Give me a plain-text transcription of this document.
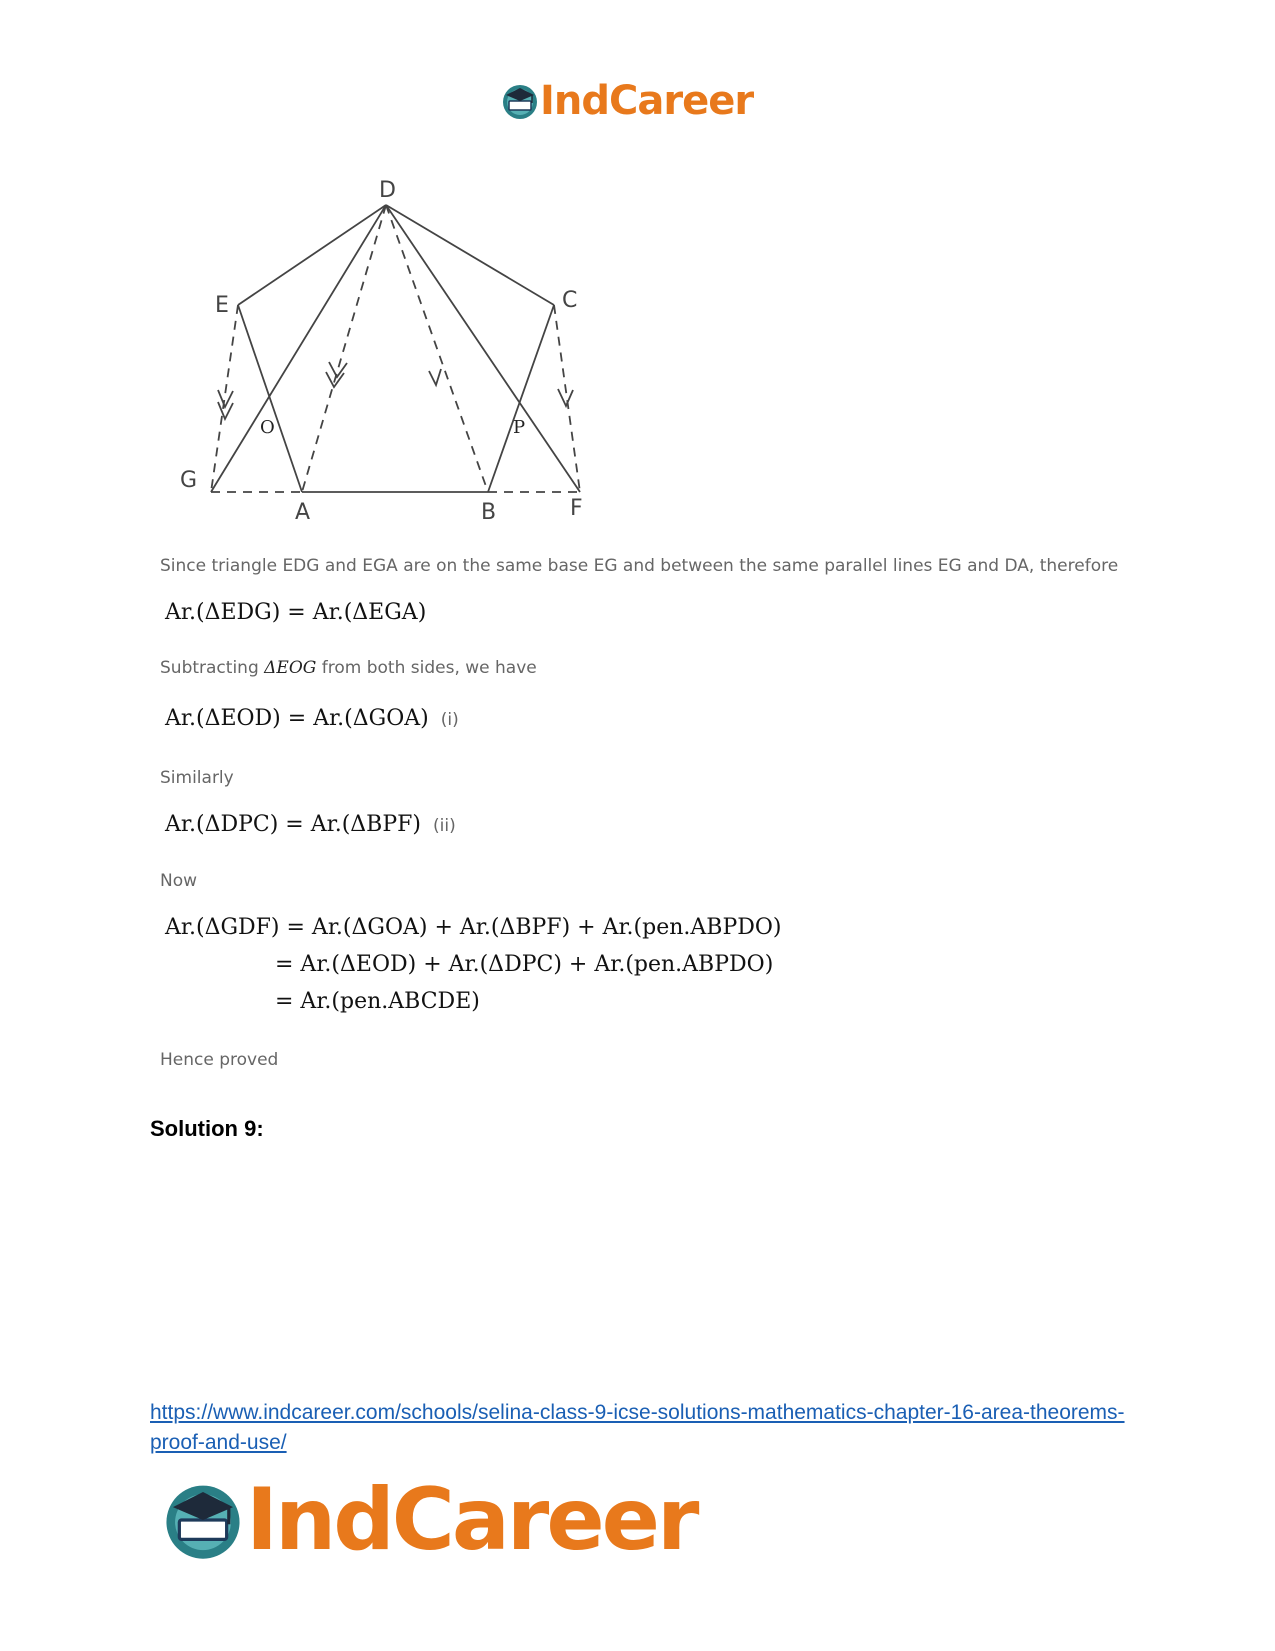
IndCareer
D
E	C
G
A	B	F
O	P
Since triangle EDG and EGA are on the same base EG and between the same parallel lines EG and DA, therefore
Ar.(ΔEDG) = Ar.(ΔEGA)
Subtracting ΔEOG from both sides, we have
Ar.(ΔEOD) = Ar.(ΔGOA) (i)
Similarly
Ar.(ΔDPC) = Ar.(ΔBPF) (ii)
Now
Ar.(ΔGDF) = Ar.(ΔGOA) + Ar.(ΔBPF) + Ar.(pen.ABPDO)
= Ar.(ΔEOD) + Ar.(ΔDPC) + Ar.(pen.ABPDO)
= Ar.(pen.ABCDE)
Hence proved
Solution 9:
https://www.indcareer.com/schools/selina-class-9-icse-solutions-mathematics-chapter-16-area-theorems-proof-and-use/
IndCareer
